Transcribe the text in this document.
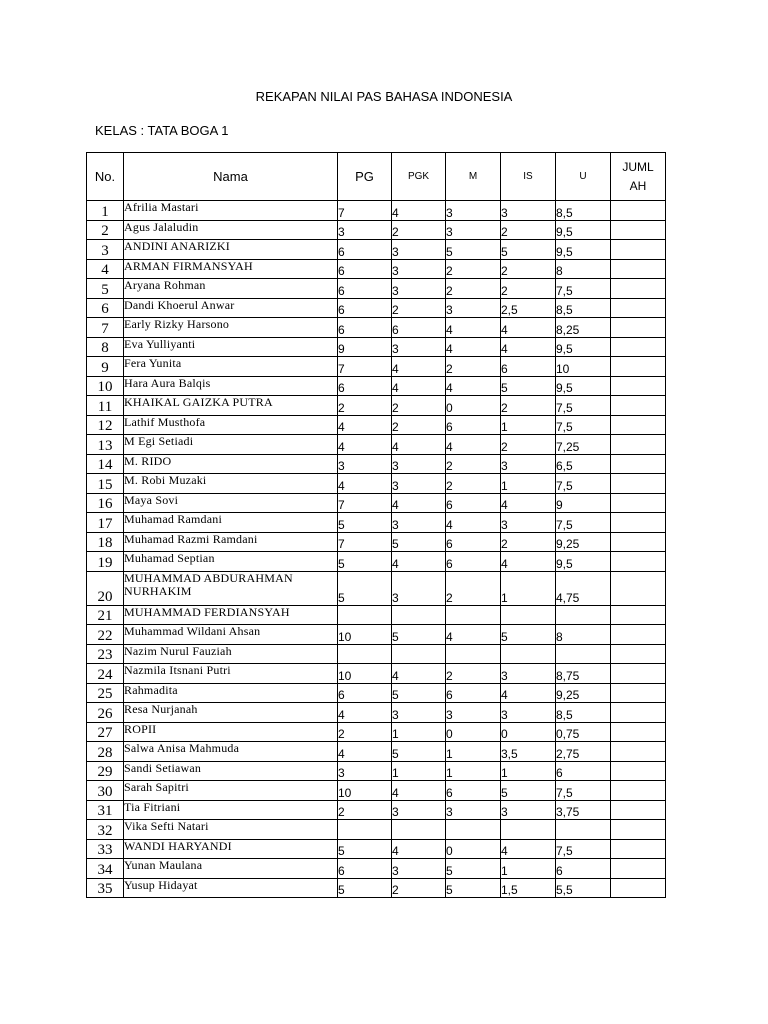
REKAPAN NILAI PAS BAHASA INDONESIA
KELAS : TATA BOGA 1
No.	Nama	PG	PGK	M	IS	U	JUML
AH

1	Afrilia Mastari	7	4	3	3	8,5	
2	Agus Jalaludin	3	2	3	2	9,5	
3	ANDINI ANARIZKI	6	3	5	5	9,5	
4	ARMAN FIRMANSYAH	6	3	2	2	8	
5	Aryana Rohman	6	3	2	2	7,5	
6	Dandi Khoerul Anwar	6	2	3	2,5	8,5	
7	Early Rizky Harsono	6	6	4	4	8,25	
8	Eva Yulliyanti	9	3	4	4	9,5	
9	Fera Yunita	7	4	2	6	10	
10	Hara Aura Balqis	6	4	4	5	9,5	
11	KHAIKAL GAIZKA PUTRA	2	2	0	2	7,5	
12	Lathif Musthofa	4	2	6	1	7,5	
13	M Egi Setiadi	4	4	4	2	7,25	
14	M. RIDO	3	3	2	3	6,5	
15	M. Robi Muzaki	4	3	2	1	7,5	
16	Maya Sovi	7	4	6	4	9	
17	Muhamad Ramdani	5	3	4	3	7,5	
18	Muhamad Razmi Ramdani	7	5	6	2	9,25	
19	Muhamad Septian	5	4	6	4	9,5	
20	MUHAMMAD ABDURAHMAN NURHAKIM	5	3	2	1	4,75	
21	MUHAMMAD FERDIANSYAH						
22	Muhammad Wildani Ahsan	10	5	4	5	8	
23	Nazim Nurul Fauziah						
24	Nazmila Itsnani Putri	10	4	2	3	8,75	
25	Rahmadita	6	5	6	4	9,25	
26	Resa Nurjanah	4	3	3	3	8,5	
27	ROPII	2	1	0	0	0,75	
28	Salwa Anisa Mahmuda	4	5	1	3,5	2,75	
29	Sandi Setiawan	3	1	1	1	6	
30	Sarah Sapitri	10	4	6	5	7,5	
31	Tia Fitriani	2	3	3	3	3,75	
32	Vika Sefti Natari						
33	WANDI HARYANDI	5	4	0	4	7,5	
34	Yunan Maulana	6	3	5	1	6	
35	Yusup Hidayat	5	2	5	1,5	5,5	
